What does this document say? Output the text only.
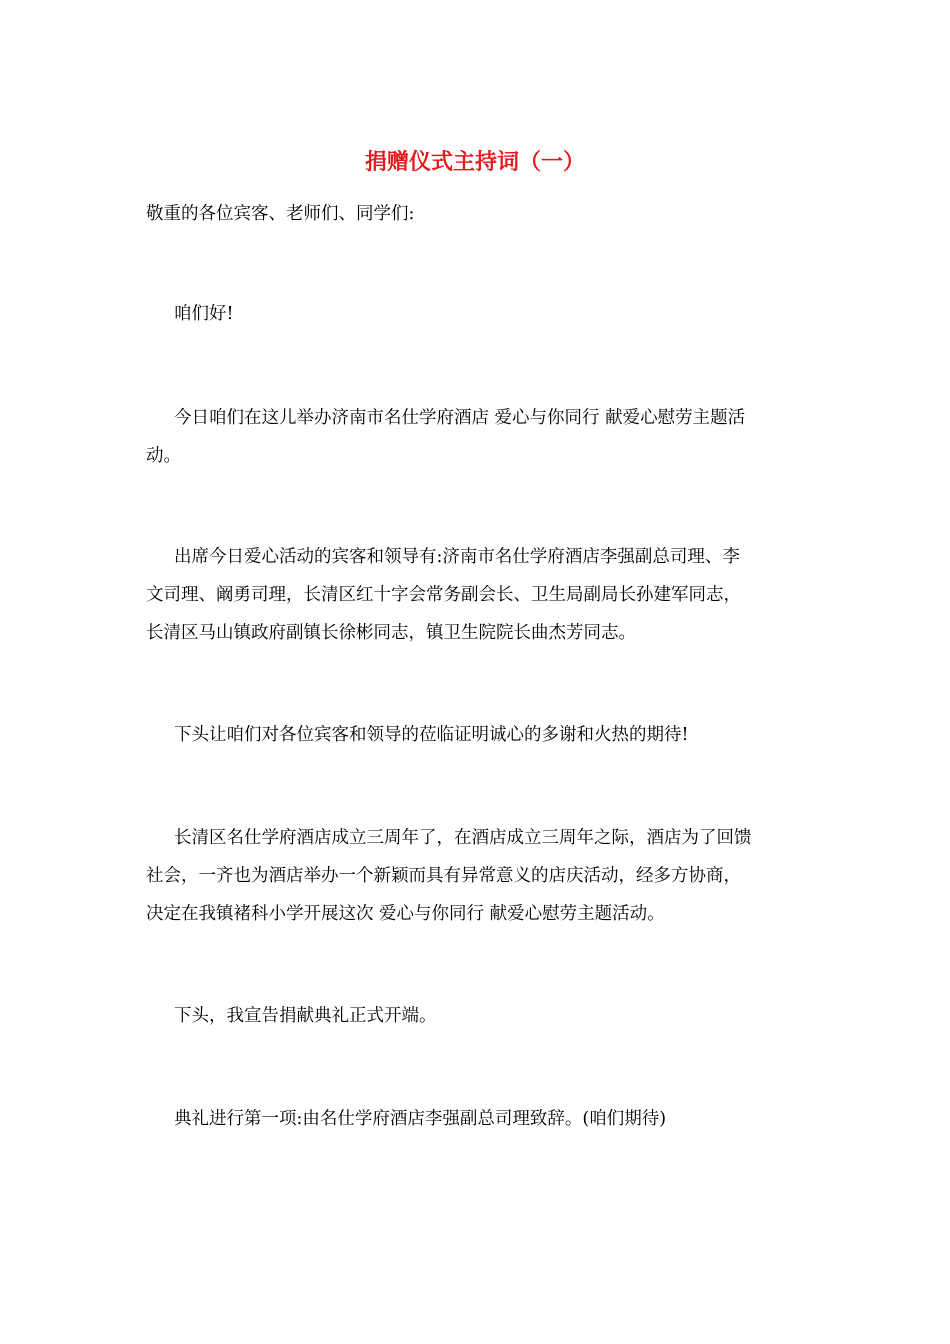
捐赠仪式主持词（一）

敬重的各位宾客、老师们、同学们:

咱们好!

今日咱们在这儿举办济南市名仕学府酒店 爱心与你同行 献爱心慰劳主题活
动。

出席今日爱心活动的宾客和领导有:济南市名仕学府酒店李强副总司理、李
文司理、阚勇司理，长清区红十字会常务副会长、卫生局副局长孙建军同志，
长清区马山镇政府副镇长徐彬同志，镇卫生院院长曲杰芳同志。

下头让咱们对各位宾客和领导的莅临证明诚心的多谢和火热的期待!

长清区名仕学府酒店成立三周年了，在酒店成立三周年之际，酒店为了回馈
社会，一齐也为酒店举办一个新颖而具有异常意义的店庆活动，经多方协商，
决定在我镇褚科小学开展这次 爱心与你同行 献爱心慰劳主题活动。

下头，我宣告捐献典礼正式开端。

典礼进行第一项:由名仕学府酒店李强副总司理致辞。(咱们期待)
